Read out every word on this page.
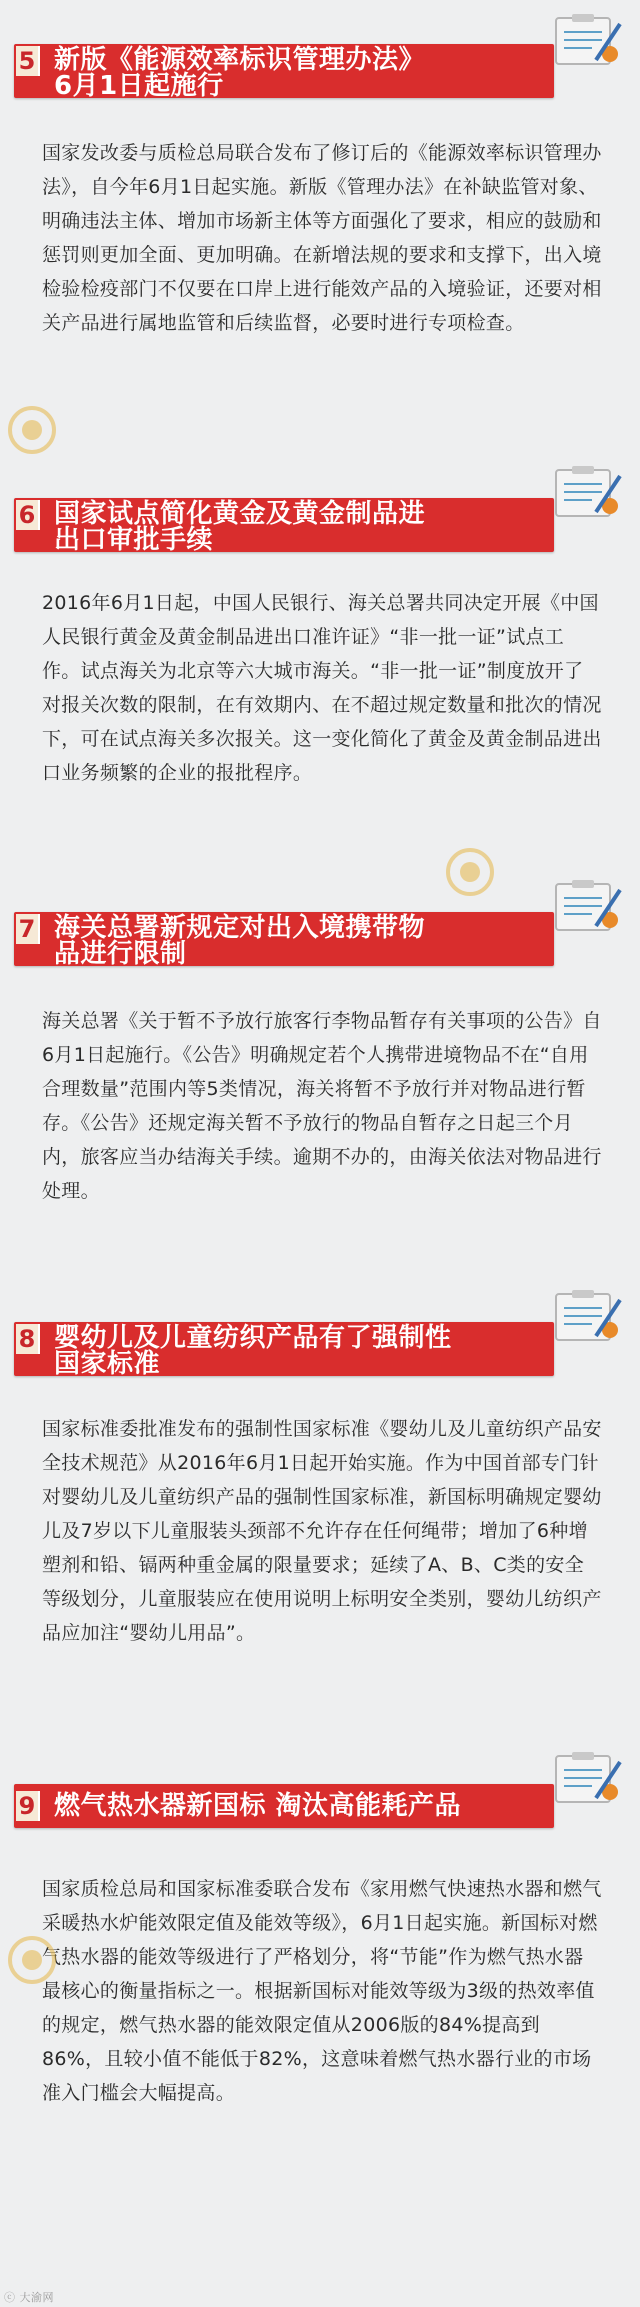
5 新版《能源效率标识管理办法》
6月1日起施行
国家发改委与质检总局联合发布了修订后的《能源效率标识管理办法》，自今年6月1日起实施。新版《管理办法》在补缺监管对象、明确违法主体、增加市场新主体等方面强化了要求，相应的鼓励和惩罚则更加全面、更加明确。在新增法规的要求和支撑下，出入境检验检疫部门不仅要在口岸上进行能效产品的入境验证，还要对相关产品进行属地监管和后续监督，必要时进行专项检查。
6 国家试点简化黄金及黄金制品进
出口审批手续
2016年6月1日起，中国人民银行、海关总署共同决定开展《中国人民银行黄金及黄金制品进出口准许证》“非一批一证”试点工作。试点海关为北京等六大城市海关。“非一批一证”制度放开了对报关次数的限制，在有效期内、在不超过规定数量和批次的情况下，可在试点海关多次报关。这一变化简化了黄金及黄金制品进出口业务频繁的企业的报批程序。
7 海关总署新规定对出入境携带物
品进行限制
海关总署《关于暂不予放行旅客行李物品暂存有关事项的公告》自6月1日起施行。《公告》明确规定若个人携带进境物品不在“自用合理数量”范围内等5类情况，海关将暂不予放行并对物品进行暂存。《公告》还规定海关暂不予放行的物品自暂存之日起三个月内，旅客应当办结海关手续。逾期不办的，由海关依法对物品进行处理。
8 婴幼儿及儿童纺织产品有了强制性
国家标准
国家标准委批准发布的强制性国家标准《婴幼儿及儿童纺织产品安全技术规范》从2016年6月1日起开始实施。作为中国首部专门针对婴幼儿及儿童纺织产品的强制性国家标准，新国标明确规定婴幼儿及7岁以下儿童服装头颈部不允许存在任何绳带；增加了6种增塑剂和铅、镉两种重金属的限量要求；延续了A、B、C类的安全等级划分，儿童服装应在使用说明上标明安全类别，婴幼儿纺织产品应加注“婴幼儿用品”。
9 燃气热水器新国标 淘汰高能耗产品
国家质检总局和国家标准委联合发布《家用燃气快速热水器和燃气采暖热水炉能效限定值及能效等级》，6月1日起实施。新国标对燃气热水器的能效等级进行了严格划分，将“节能”作为燃气热水器最核心的衡量指标之一。根据新国标对能效等级为3级的热效率值的规定，燃气热水器的能效限定值从2006版的84%提高到86%，且较小值不能低于82%，这意味着燃气热水器行业的市场准入门槛会大幅提高。
ⓒ 大渝网
